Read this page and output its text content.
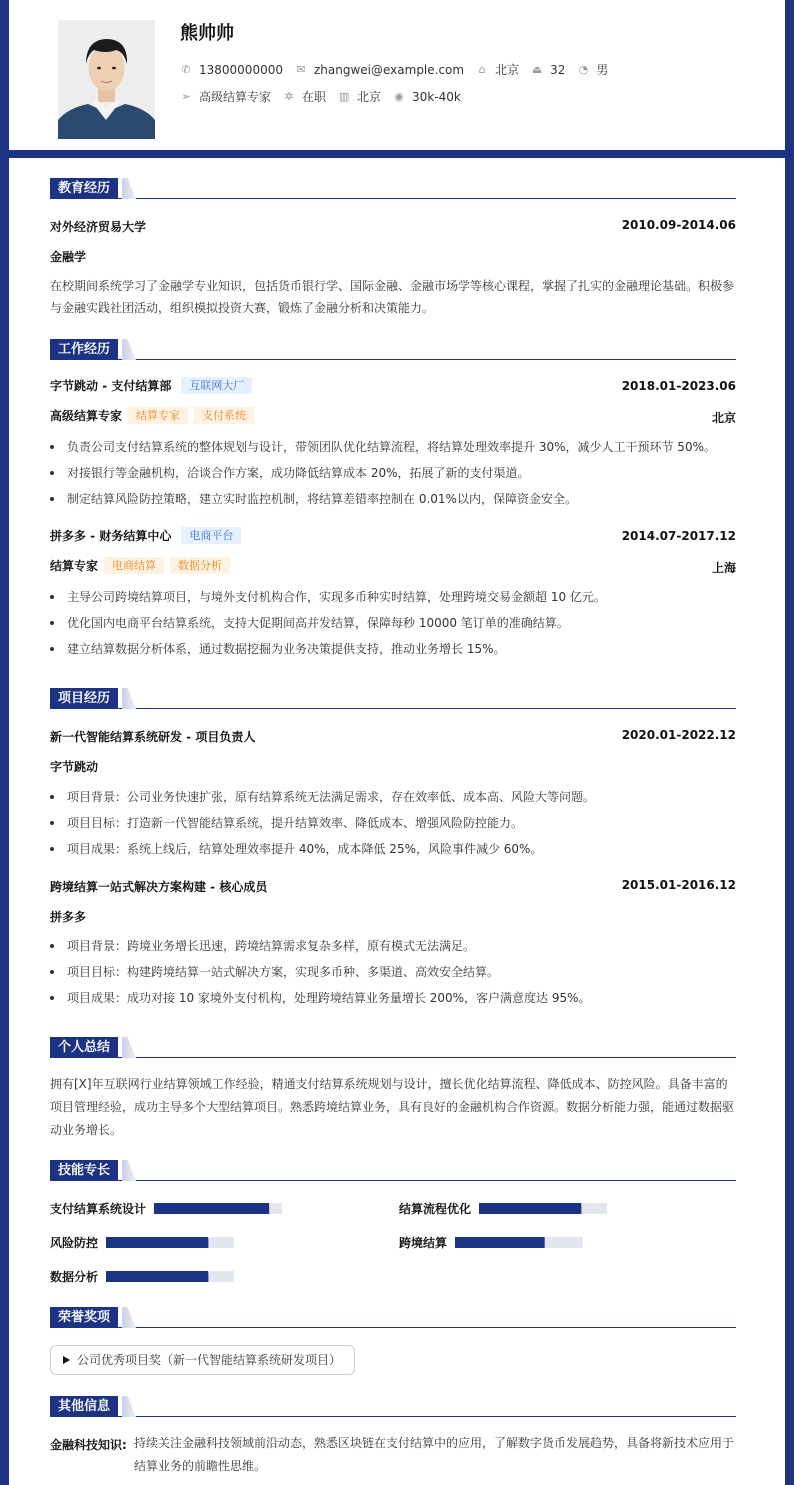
熊帅帅
✆ 13800000000 ✉ zhangwei@example.com ⌂ 北京 ⏏ 32 ◔ 男
➢ 高级结算专家 ✲ 在职 ▥ 北京 ◉ 30k-40k
教育经历
对外经济贸易大学	2010.09-2014.06
金融学
在校期间系统学习了金融学专业知识，包括货币银行学、国际金融、金融市场学等核心课程，掌握了扎实的金融理论基础。积极参
与金融实践社团活动，组织模拟投资大赛，锻炼了金融分析和决策能力。
工作经历
字节跳动 - 支付结算部	互联网大厂	2018.01-2023.06
高级结算专家	结算专家	支付系统	北京
负责公司支付结算系统的整体规划与设计，带领团队优化结算流程，将结算处理效率提升 30%，减少人工干预环节 50%。
对接银行等金融机构，洽谈合作方案，成功降低结算成本 20%，拓展了新的支付渠道。
制定结算风险防控策略，建立实时监控机制，将结算差错率控制在 0.01%以内，保障资金安全。
拼多多 - 财务结算中心	电商平台	2014.07-2017.12
结算专家	电商结算	数据分析	上海
主导公司跨境结算项目，与境外支付机构合作，实现多币种实时结算，处理跨境交易金额超 10 亿元。
优化国内电商平台结算系统，支持大促期间高并发结算，保障每秒 10000 笔订单的准确结算。
建立结算数据分析体系，通过数据挖掘为业务决策提供支持，推动业务增长 15%。
项目经历
新一代智能结算系统研发 - 项目负责人	2020.01-2022.12
字节跳动
项目背景：公司业务快速扩张，原有结算系统无法满足需求，存在效率低、成本高、风险大等问题。
项目目标：打造新一代智能结算系统，提升结算效率、降低成本、增强风险防控能力。
项目成果：系统上线后，结算处理效率提升 40%，成本降低 25%，风险事件减少 60%。
跨境结算一站式解决方案构建 - 核心成员	2015.01-2016.12
拼多多
项目背景：跨境业务增长迅速，跨境结算需求复杂多样，原有模式无法满足。
项目目标：构建跨境结算一站式解决方案，实现多币种、多渠道、高效安全结算。
项目成果：成功对接 10 家境外支付机构，处理跨境结算业务量增长 200%，客户满意度达 95%。
个人总结
拥有[X]年互联网行业结算领域工作经验，精通支付结算系统规划与设计，擅长优化结算流程、降低成本、防控风险。具备丰富的
项目管理经验，成功主导多个大型结算项目。熟悉跨境结算业务，具有良好的金融机构合作资源。数据分析能力强，能通过数据驱
动业务增长。
技能专长
支付结算系统设计	结算流程优化
风险防控	跨境结算
数据分析
荣誉奖项
公司优秀项目奖（新一代智能结算系统研发项目）
其他信息
金融科技知识: 持续关注金融科技领域前沿动态，熟悉区块链在支付结算中的应用，了解数字货币发展趋势，具备将新技术应用于
结算业务的前瞻性思维。
